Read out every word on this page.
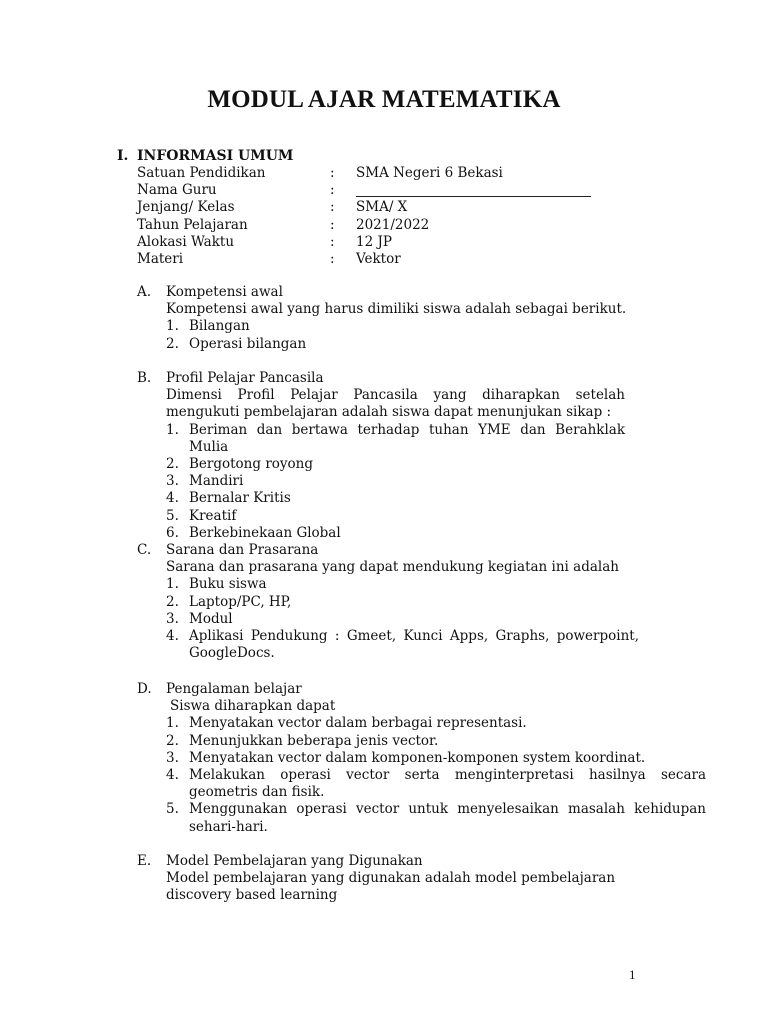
MODUL AJAR MATEMATIKA
I. INFORMASI UMUM
Satuan Pendidikan	: SMA Negeri 6 Bekasi
Nama Guru	:
Jenjang/ Kelas	: SMA/ X
Tahun Pelajaran	: 2021/2022
Alokasi Waktu	: 12 JP
Materi	: Vektor
A. Kompetensi awal
Kompetensi awal yang harus dimiliki siswa adalah sebagai berikut.
1. Bilangan
2. Operasi bilangan
B. Profil Pelajar Pancasila
Dimensi Profil Pelajar Pancasila yang diharapkan setelah mengukuti pembelajaran adalah siswa dapat menunjukan sikap :
1. Beriman dan bertawa terhadap tuhan YME dan Berahklak Mulia
2. Bergotong royong
3. Mandiri
4. Bernalar Kritis
5. Kreatif
6. Berkebinekaan Global
C. Sarana dan Prasarana
Sarana dan prasarana yang dapat mendukung kegiatan ini adalah
1. Buku siswa
2. Laptop/PC, HP,
3. Modul
4. Aplikasi Pendukung : Gmeet, Kunci Apps, Graphs, powerpoint, GoogleDocs.
D. Pengalaman belajar
Siswa diharapkan dapat
1. Menyatakan vector dalam berbagai representasi.
2. Menunjukkan beberapa jenis vector.
3. Menyatakan vector dalam komponen-komponen system koordinat.
4. Melakukan operasi vector serta menginterpretasi hasilnya secara geometris dan fisik.
5. Menggunakan operasi vector untuk menyelesaikan masalah kehidupan sehari-hari.
E. Model Pembelajaran yang Digunakan
Model pembelajaran yang digunakan adalah model pembelajaran
discovery based learning
1
